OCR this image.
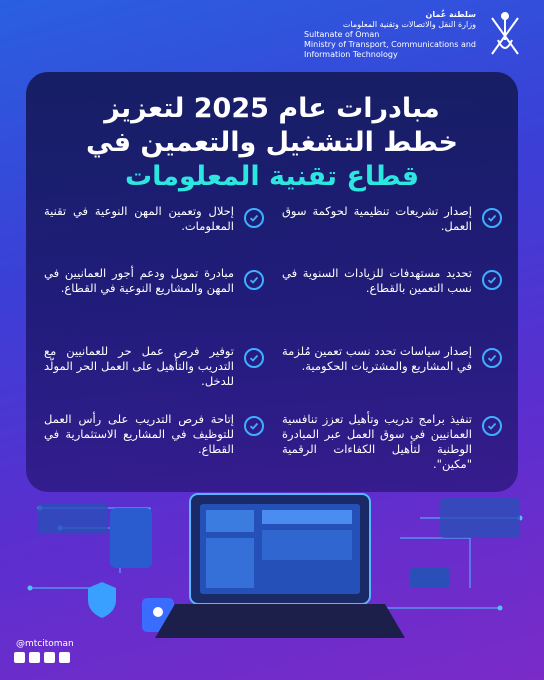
سلطنة عُمان
وزارة النقل والاتصالات وتقنية المعلومات
Sultanate of Oman
Ministry of Transport, Communications and
Information Technology
مبادرات عام 2025 لتعزيز
خطط التشغيل والتعمين في
قطاع تقنية المعلومات
إصدار تشريعات تنظيمية لحوكمة سوق العمل.
إحلال وتعمين المهن النوعية في تقنية المعلومات.
تحديد مستهدفات للزيادات السنوية في نسب التعمين بالقطاع.
مبادرة تمويل ودعم أجور العمانيين في المهن والمشاريع النوعية في القطاع.
إصدار سياسات تحدد نسب تعمين مُلزمة في المشاريع والمشتريات الحكومية.
توفير فرص عمل حر للعمانيين مع التدريب والتأهيل على العمل الحر المولّد للدخل.
تنفيذ برامج تدريب وتأهيل تعزز تنافسية العمانيين في سوق العمل عبر المبادرة الوطنية لتأهيل الكفاءات الرقمية "مكين".
إتاحة فرص التدريب على رأس العمل للتوظيف في المشاريع الاستثمارية في القطاع.
@mtcitoman
